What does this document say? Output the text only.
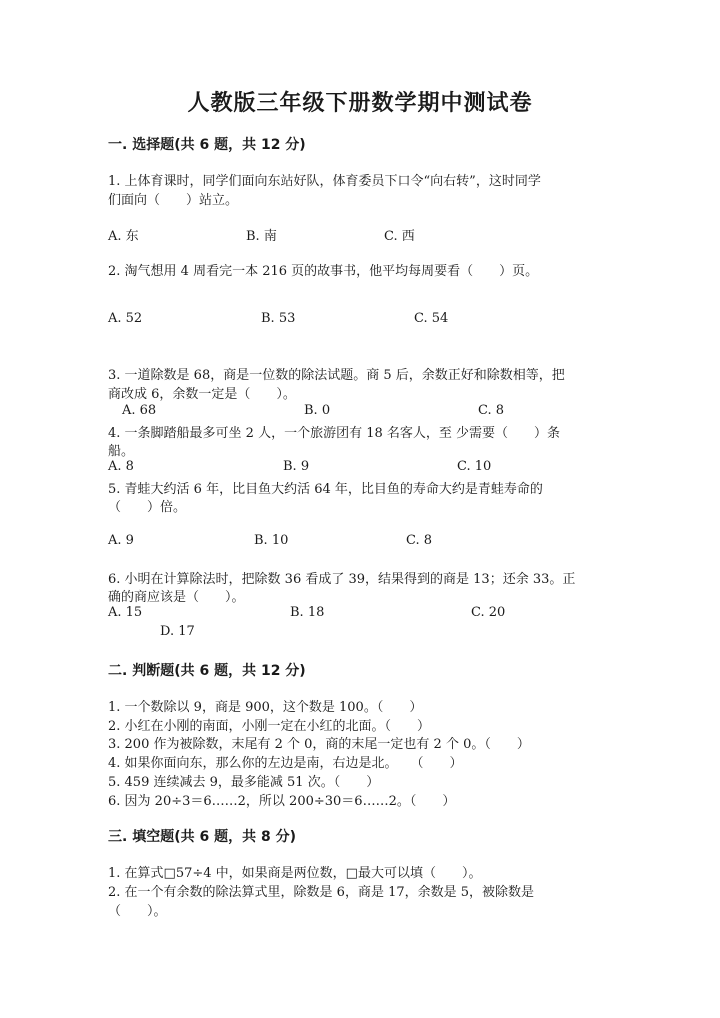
人教版三年级下册数学期中测试卷
一. 选择题(共 6 题，共 12 分)
1. 上体育课时，同学们面向东站好队，体育委员下口令“向右转”，这时同学
们面向（　　）站立。
A. 东	B. 南	C. 西
2. 淘气想用 4 周看完一本 216 页的故事书，他平均每周要看（　　）页。
A. 52	B. 53	C. 54
3. 一道除数是 68，商是一位数的除法试题。商 5 后，余数正好和除数相等，把
商改成 6，余数一定是（　　）。
A. 68	B. 0	C. 8
4. 一条脚踏船最多可坐 2 人，一个旅游团有 18 名客人，至 少需要（　　）条
船。
A. 8	B. 9	C. 10
5. 青蛙大约活 6 年，比目鱼大约活 64 年，比目鱼的寿命大约是青蛙寿命的
（　　）倍。
A. 9	B. 10	C. 8
6. 小明在计算除法时，把除数 36 看成了 39，结果得到的商是 13；还余 33。正
确的商应该是（　　）。
A. 15	B. 18	C. 20
D. 17
二. 判断题(共 6 题，共 12 分)
1. 一个数除以 9，商是 900，这个数是 100。（　　）
2. 小红在小刚的南面，小刚一定在小红的北面。（　　）
3. 200 作为被除数，末尾有 2 个 0，商的末尾一定也有 2 个 0。（　　）
4. 如果你面向东，那么你的左边是南，右边是北。　　（　　）
5. 459 连续减去 9，最多能减 51 次。（　　）
6. 因为 20÷3＝6……2，所以 200÷30＝6……2。（　　）
三. 填空题(共 6 题，共 8 分)
1. 在算式□57÷4 中，如果商是两位数，□最大可以填（　　）。
2. 在一个有余数的除法算式里，除数是 6，商是 17，余数是 5，被除数是
（　　）。
